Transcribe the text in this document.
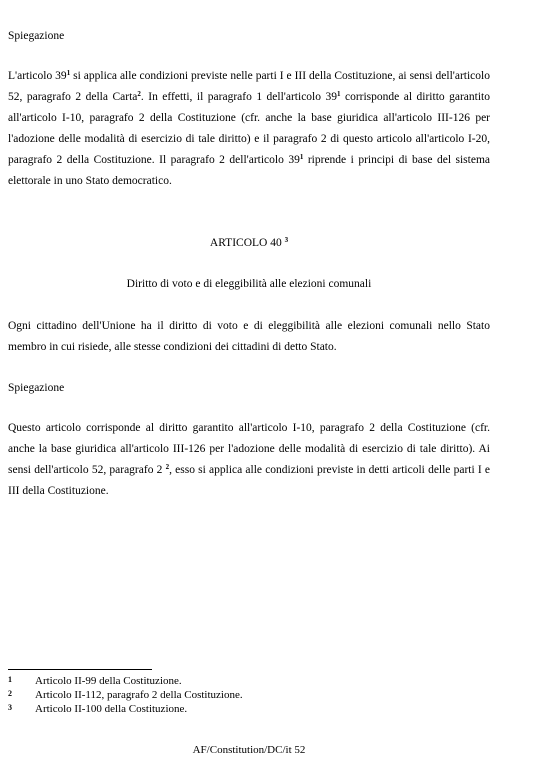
Spiegazione

L'articolo $39^1$ si applica alle condizioni previste nelle parti I e III della Costituzione, ai sensi dell'articolo 52, paragrafo 2 della Carta$^2$. In effetti, il paragrafo 1 dell'articolo $39^1$ corrisponde al diritto garantito all'articolo I-10, paragrafo 2 della Costituzione (cfr. anche la base giuridica all'articolo III-126 per l'adozione delle modalità di esercizio di tale diritto) e il paragrafo 2 di questo articolo all'articolo I-20, paragrafo 2 della Costituzione. Il paragrafo 2 dell'articolo $39^1$ riprende i principi di base del sistema elettorale in uno Stato democratico.

ARTICOLO 40 $^3$

Diritto di voto e di eleggibilità alle elezioni comunali

Ogni cittadino dell'Unione ha il diritto di voto e di eleggibilità alle elezioni comunali nello Stato membro in cui risiede, alle stesse condizioni dei cittadini di detto Stato.

Spiegazione

Questo articolo corrisponde al diritto garantito all'articolo I-10, paragrafo 2 della Costituzione (cfr. anche la base giuridica all'articolo III-126 per l'adozione delle modalità di esercizio di tale diritto). Ai sensi dell'articolo 52, paragrafo 2 $^2$, esso si applica alle condizioni previste in detti articoli delle parti I e III della Costituzione.

1 Articolo II-99 della Costituzione.
2 Articolo II-112, paragrafo 2 della Costituzione.
3 Articolo II-100 della Costituzione.
AF/Constitution/DC/it 52
